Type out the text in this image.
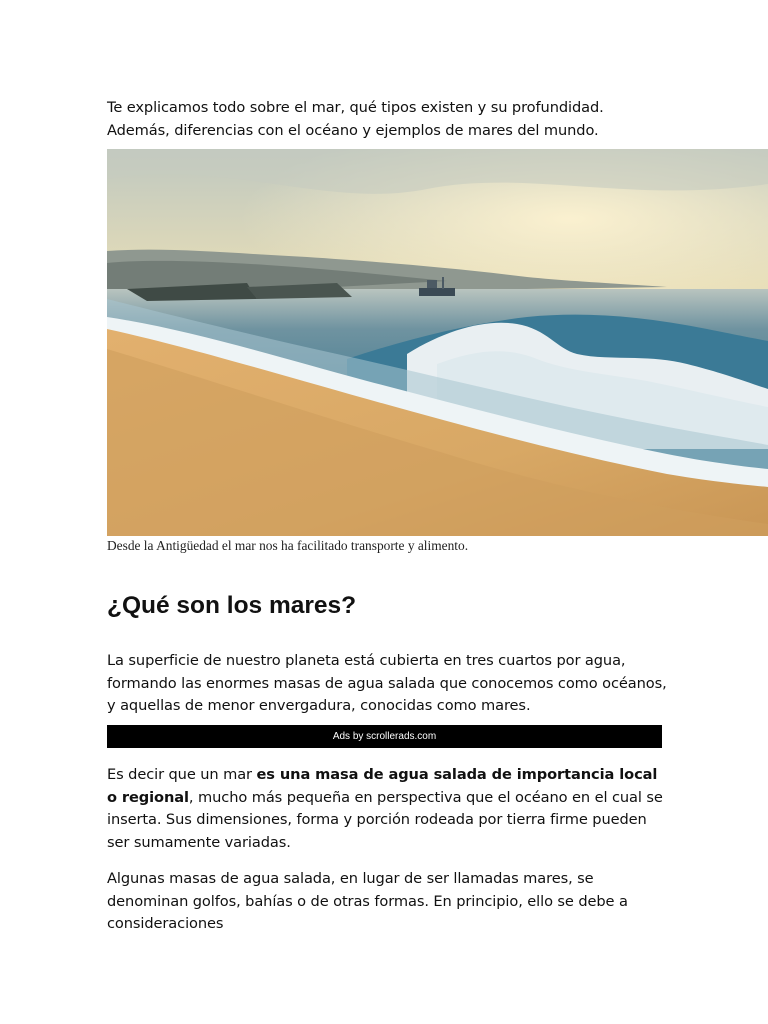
Te explicamos todo sobre el mar, qué tipos existen y su profundidad. Además, diferencias con el océano y ejemplos de mares del mundo.

Desde la Antigüedad el mar nos ha facilitado transporte y alimento.
¿Qué son los mares?

La superficie de nuestro planeta está cubierta en tres cuartos por agua, formando las enormes masas de agua salada que conocemos como océanos, y aquellas de menor envergadura, conocidas como mares.

Ads by scrollerads.com

Es decir que un mar es una masa de agua salada de importancia local o regional, mucho más pequeña en perspectiva que el océano en el cual se inserta. Sus dimensiones, forma y porción rodeada por tierra firme pueden ser sumamente variadas.

Algunas masas de agua salada, en lugar de ser llamadas mares, se denominan golfos, bahías o de otras formas. En principio, ello se debe a consideraciones
